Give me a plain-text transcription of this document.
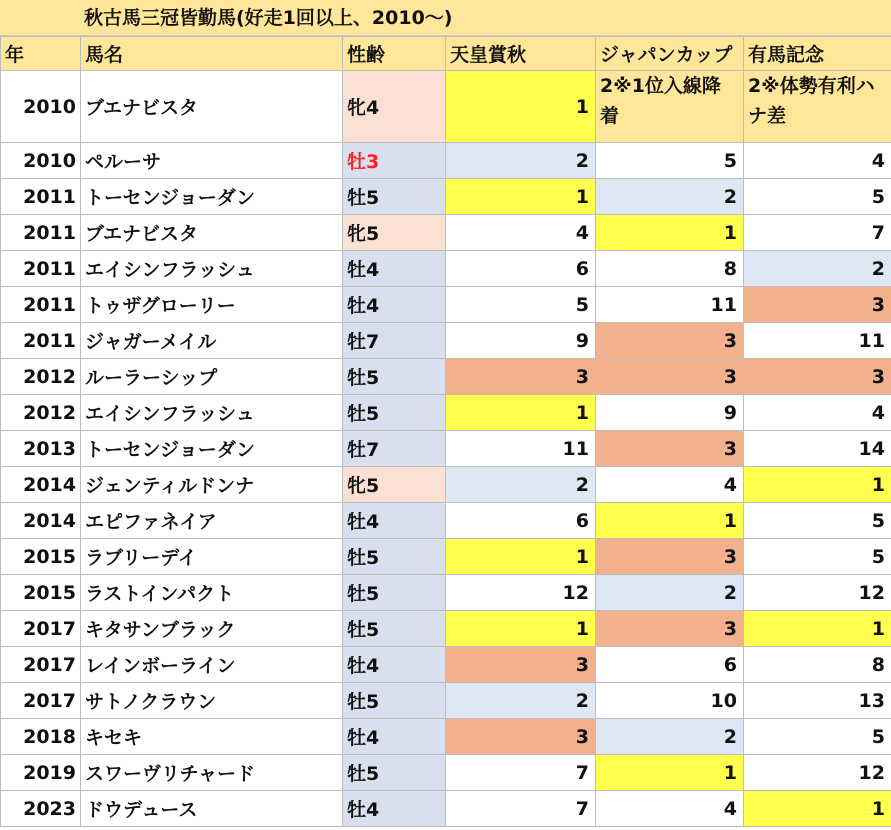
秋古馬三冠皆勤馬(好走1回以上、2010〜)
年	馬名	性齢	天皇賞秋	ジャパンカップ	有馬記念
2010	ブエナビスタ	牝4	1	2※1位入線降着	2※体勢有利ハナ差
2010	ペルーサ	牡3	2	5	4
2011	トーセンジョーダン	牡5	1	2	5
2011	ブエナビスタ	牝5	4	1	7
2011	エイシンフラッシュ	牡4	6	8	2
2011	トゥザグローリー	牡4	5	11	3
2011	ジャガーメイル	牡7	9	3	11
2012	ルーラーシップ	牡5	3	3	3
2012	エイシンフラッシュ	牡5	1	9	4
2013	トーセンジョーダン	牡7	11	3	14
2014	ジェンティルドンナ	牝5	2	4	1
2014	エピファネイア	牡4	6	1	5
2015	ラブリーデイ	牡5	1	3	5
2015	ラストインパクト	牡5	12	2	12
2017	キタサンブラック	牡5	1	3	1
2017	レインボーライン	牡4	3	6	8
2017	サトノクラウン	牡5	2	10	13
2018	キセキ	牡4	3	2	5
2019	スワーヴリチャード	牡5	7	1	12
2023	ドウデュース	牡4	7	4	1
